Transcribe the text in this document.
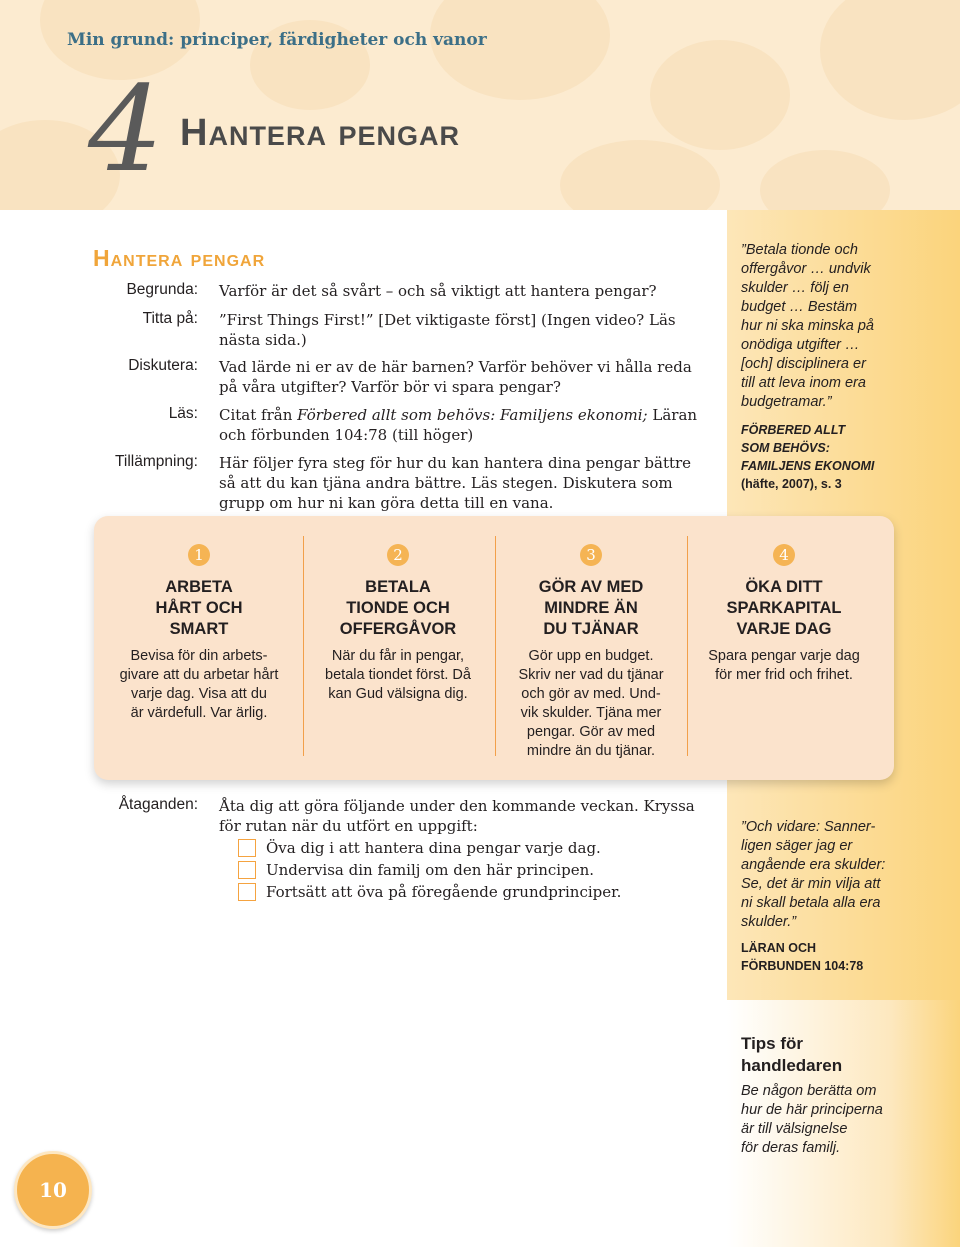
Min grund: principer, färdigheter och vanor
4 Hantera pengar
Hantera pengar
Begrunda: Varför är det så svårt – och så viktigt att hantera pengar?
Titta på: ”First Things First!” [Det viktigaste först] (Ingen video? Läs nästa sida.)
Diskutera: Vad lärde ni er av de här barnen? Varför behöver vi hålla reda på våra utgifter? Varför bör vi spara pengar?
Läs: Citat från Förbered allt som behövs: Familjens ekonomi; Läran och förbunden 104:78 (till höger)
Tillämpning: Här följer fyra steg för hur du kan hantera dina pengar bättre så att du kan tjäna andra bättre. Läs stegen. Diskutera som grupp om hur ni kan göra detta till en vana.
1
ARBETA
HÅRT OCH
SMART
Bevisa för din arbets-
givare att du arbetar hårt
varje dag. Visa att du
är värdefull. Var ärlig.
2
BETALA
TIONDE OCH
OFFERGÅVOR
När du får in pengar,
betala tiondet först. Då
kan Gud välsigna dig.
3
GÖR AV MED
MINDRE ÄN
DU TJÄNAR
Gör upp en budget.
Skriv ner vad du tjänar
och gör av med. Und-
vik skulder. Tjäna mer
pengar. Gör av med
mindre än du tjänar.
4
ÖKA DITT
SPARKAPITAL
VARJE DAG
Spara pengar varje dag
för mer frid och frihet.
Åtaganden: Åta dig att göra följande under den kommande veckan. Kryssa för rutan när du utfört en uppgift:
Öva dig i att hantera dina pengar varje dag.
Undervisa din familj om den här principen.
Fortsätt att öva på föregående grundprinciper.
”Betala tionde och
offergåvor … undvik
skulder … följ en
budget … Bestäm
hur ni ska minska på
onödiga utgifter …
[och] disciplinera er
till att leva inom era
budgetramar.”
FÖRBERED ALLT
SOM BEHÖVS:
FAMILJENS EKONOMI
(häfte, 2007), s. 3
”Och vidare: Sanner-
ligen säger jag er
angående era skulder:
Se, det är min vilja att
ni skall betala alla era
skulder.”
LÄRAN OCH
FÖRBUNDEN 104:78
Tips för
handledaren
Be någon berätta om
hur de här principerna
är till välsignelse
för deras familj.
10
